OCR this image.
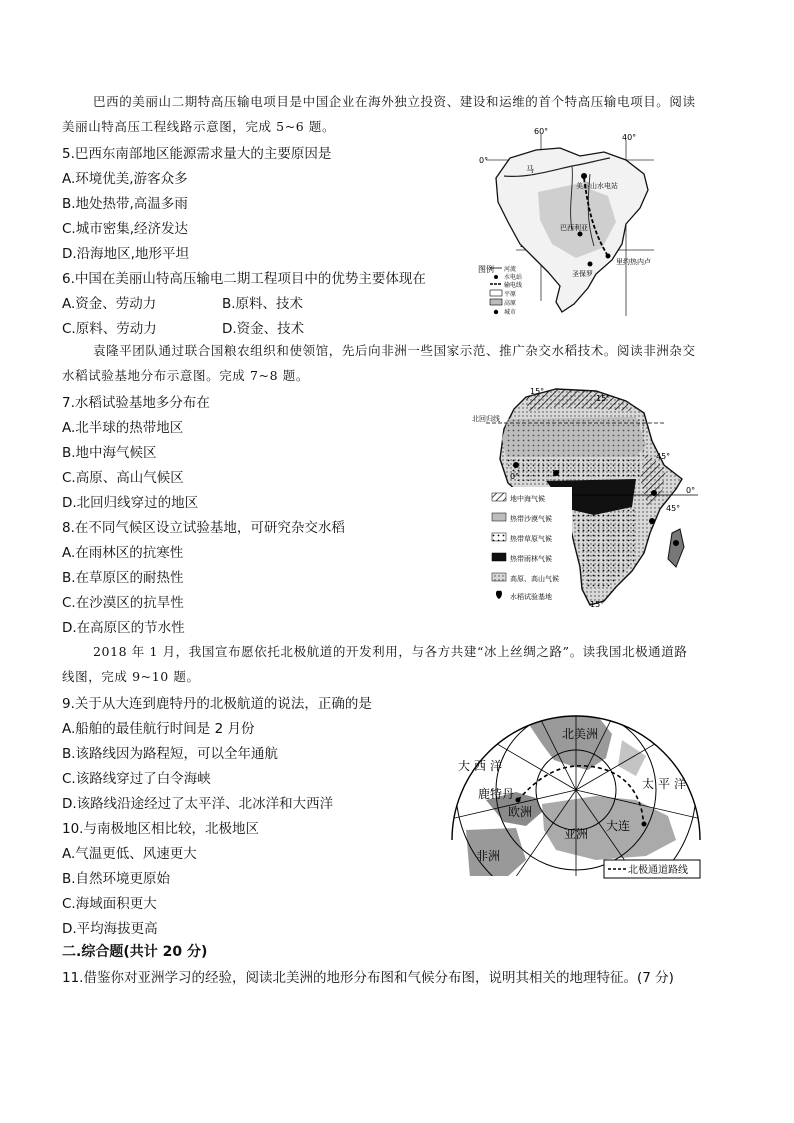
巴西的美丽山二期特高压输电项目是中国企业在海外独立投资、建设和运维的首个特高压输电项目。阅读
美丽山特高压工程线路示意图，完成 5~6 题。
5.巴西东南部地区能源需求量大的主要原因是
A.环境优美,游客众多
B.地处热带,高温多雨
C.城市密集,经济发达
D.沿海地区,地形平坦
6.中国在美丽山特高压输电二期工程项目中的优势主要体现在
A.资金、劳动力	B.原料、技术
C.原料、劳动力	D.资金、技术
60°
40°
0°
马
美丽山水电站
巴西利亚
圣保罗
里约热内卢
图例 河流
水电站
输电线
平原
高原
城市
袁隆平团队通过联合国粮农组织和使领馆，先后向非洲一些国家示范、推广杂交水稻技术。阅读非洲杂交
水稻试验基地分布示意图。完成 7~8 题。
7.水稻试验基地多分布在
A.北半球的热带地区
B.地中海气候区
C.高原、高山气候区
D.北回归线穿过的地区
8.在不同气候区设立试验基地，可研究杂交水稻
A.在雨林区的抗寒性
B.在草原区的耐热性
C.在沙漠区的抗旱性
D.在高原区的节水性
北回归线
15°
15°
45°
0°
45°
15°
0°
地中海气候
热带沙漠气候
热带草原气候
热带雨林气候
高原、高山气候
水稻试验基地
2018 年 1 月，我国宣布愿依托北极航道的开发利用，与各方共建“冰上丝绸之路”。读我国北极通道路
线图，完成 9~10 题。
9.关于从大连到鹿特丹的北极航道的说法，正确的是
A.船舶的最佳航行时间是 2 月份
B.该路线因为路程短，可以全年通航
C.该路线穿过了白令海峡
D.该路线沿途经过了太平洋、北冰洋和大西洋
10.与南极地区相比较，北极地区
A.气温更低、风速更大
B.自然环境更原始
C.海域面积更大
D.平均海拔更高
北美洲
大西洋
太平洋
鹿特丹
欧洲
亚洲
大连
非洲
北极通道路线
二.综合题(共计 20 分)
11.借鉴你对亚洲学习的经验，阅读北美洲的地形分布图和气候分布图，说明其相关的地理特征。(7 分)
